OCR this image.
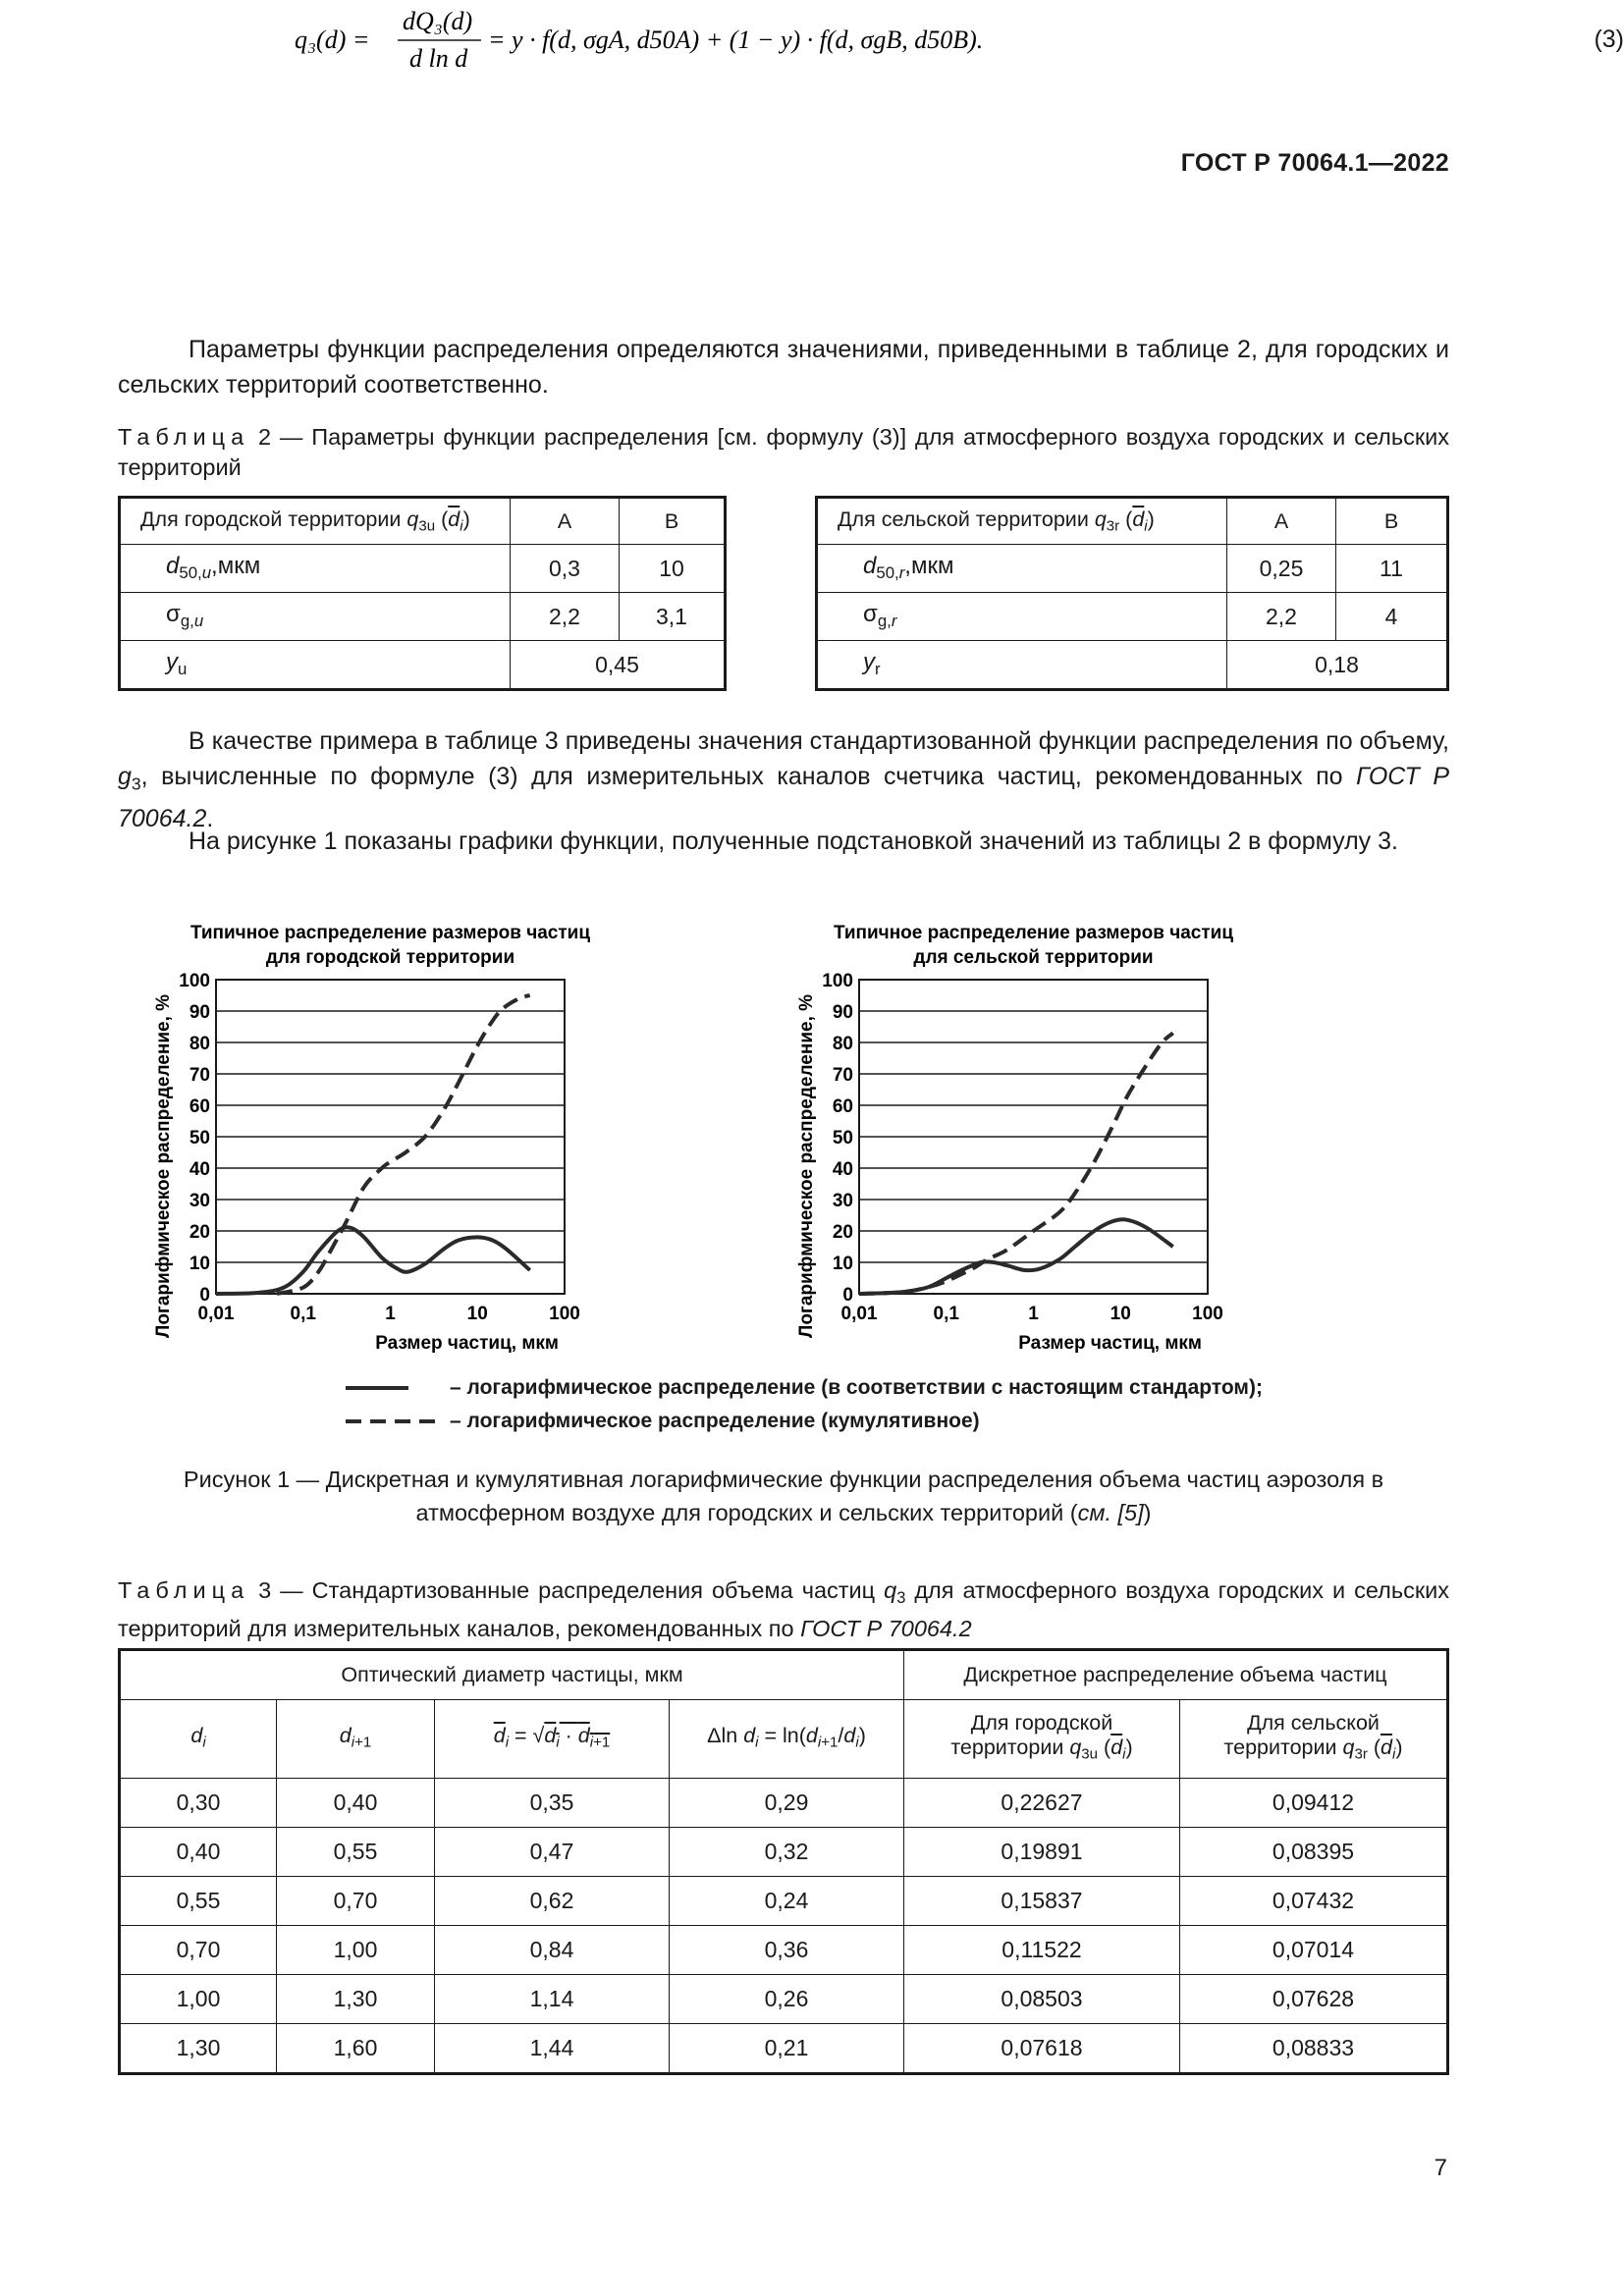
ГОСТ Р 70064.1—2022
q₃(d) =
dQ₃(d)
d ln d
= y · f(d, σgA, d50A) + (1 − y) · f(d, σgB, d50B).	(3)

Параметры функции распределения определяются значениями, приведенными в таблице 2, для городских и сельских территорий соответственно.

Таблица 2 — Параметры функции распределения [см. формулу (3)] для атмосферного воздуха городских и сельских территорий

Для городской территории $q_{3u}$ $(\overline{d}_i)$	A	B
$d_{50,u},мкм$	0,3	10
$\sigma_{g,u}$	2,2	3,1
$y_u$	0,45	
Для сельской территории $q_{3r}$ $(\overline{d}_i)$	A	B
$d_{50,r},мкм$	0,25	11
$\sigma_{g,r}$	2,2	4
$y_r$	0,18	

В качестве примера в таблице 3 приведены значения стандартизованной функции распределения по объему, $g_3$, вычисленные по формуле (3) для измерительных каналов счетчика частиц, рекомендованных по ГОСТ Р 70064.2.

На рисунке 1 показаны графики функции, полученные подстановкой значений из таблицы 2 в формулу 3.

Типичное распределение размеров частиц
для городской территории
0
10
20
30
40
50
60
70
80
90
100
0,01	0,1	1	10	100
Размер частиц, мкм
Логарифмическое распределение, %
Типичное распределение размеров частиц
для сельской территории
0
10
20
30
40
50
60
70
80
90
100
0,01	0,1	1	10	100
Размер частиц, мкм
Логарифмическое распределение, %
– логарифмическое распределение (в соответствии с настоящим стандартом);
– логарифмическое распределение (кумулятивное)
Рисунок 1 — Дискретная и кумулятивная логарифмические функции распределения объема частиц аэрозоля в атмосферном воздухе для городских и сельских территорий (см. [5])

Таблица 3 — Стандартизованные распределения объема частиц $q_3$ для атмосферного воздуха городских и сельских территорий для измерительных каналов, рекомендованных по ГОСТ Р 70064.2

Оптический диаметр частицы, мкм				Дискретное распределение объема частиц	
$d_i$	$d_{i+1}$	$\overline{d}_i = √d_i \cdot d_{i+1}$	Δln $d_i = \ln(d_{i+1}/d_i)$	Для городской
территории $q_{3u}$ $(\overline{d}_i)$	Для сельской
территории $q_{3r}$ $(\overline{d}_i)$
0,30	0,40	0,35	0,29	0,22627	0,09412
0,40	0,55	0,47	0,32	0,19891	0,08395
0,55	0,70	0,62	0,24	0,15837	0,07432
0,70	1,00	0,84	0,36	0,11522	0,07014
1,00	1,30	1,14	0,26	0,08503	0,07628
1,30	1,60	1,44	0,21	0,07618	0,08833
7
